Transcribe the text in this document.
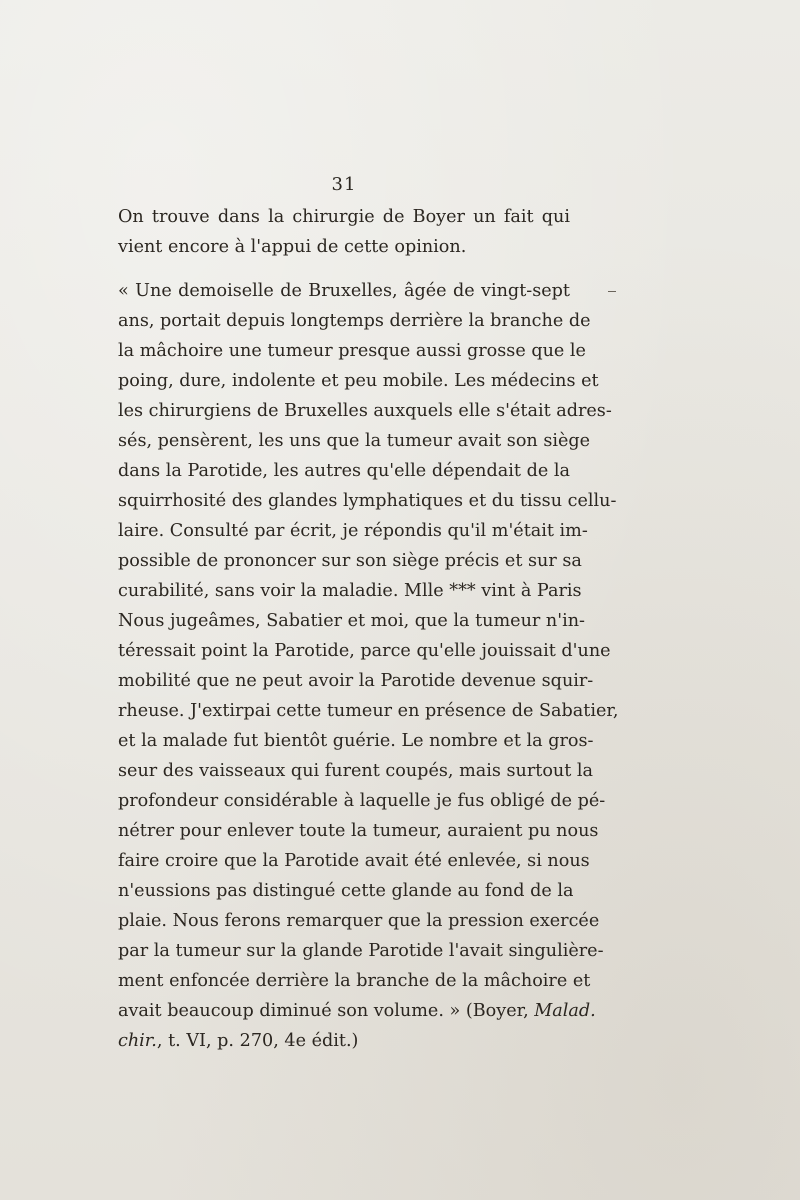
31
On trouve dans la chirurgie de Boyer un fait qui
vient encore à l'appui de cette opinion.
« Une demoiselle de Bruxelles, âgée de vingt-sept
ans, portait depuis longtemps derrière la branche de
la mâchoire une tumeur presque aussi grosse que le
poing, dure, indolente et peu mobile. Les médecins et
les chirurgiens de Bruxelles auxquels elle s'était adres-
sés, pensèrent, les uns que la tumeur avait son siège
dans la Parotide, les autres qu'elle dépendait de la
squirrhosité des glandes lymphatiques et du tissu cellu-
laire. Consulté par écrit, je répondis qu'il m'était im-
possible de prononcer sur son siège précis et sur sa
curabilité, sans voir la maladie. Mlle *** vint à Paris
Nous jugeâmes, Sabatier et moi, que la tumeur n'in-
téressait point la Parotide, parce qu'elle jouissait d'une
mobilité que ne peut avoir la Parotide devenue squir-
rheuse. J'extirpai cette tumeur en présence de Sabatier,
et la malade fut bientôt guérie. Le nombre et la gros-
seur des vaisseaux qui furent coupés, mais surtout la
profondeur considérable à laquelle je fus obligé de pé-
nétrer pour enlever toute la tumeur, auraient pu nous
faire croire que la Parotide avait été enlevée, si nous
n'eussions pas distingué cette glande au fond de la
plaie. Nous ferons remarquer que la pression exercée
par la tumeur sur la glande Parotide l'avait singulière-
ment enfoncée derrière la branche de la mâchoire et
avait beaucoup diminué son volume. » (Boyer, Malad.
chir., t. VI, p. 270, 4e édit.)
